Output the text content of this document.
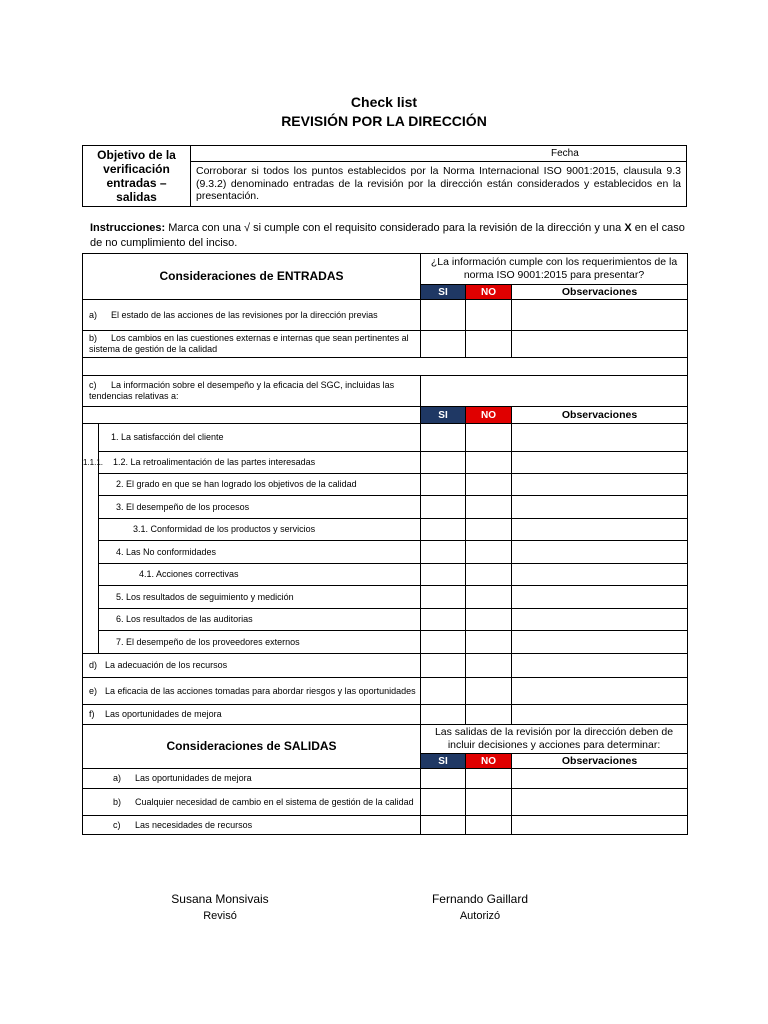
Check list
REVISIÓN POR LA DIRECCIÓN
Objetivo de la verificación entradas – salidas	Fecha
Corroborar si todos los puntos establecidos por la Norma Internacional ISO 9001:2015, clausula 9.3 (9.3.2) denominado entradas de la revisión por la dirección están considerados y establecidos en la presentación.
Instrucciones: Marca con una √ si cumple con el requisito considerado para la revisión de la dirección y una X en el caso de no cumplimiento del inciso.
Consideraciones de ENTRADAS		¿La información cumple con los requerimientos de la norma ISO 9001:2015 para presentar?		
		SI	NO	Observaciones
a) El estado de las acciones de las revisiones por la dirección previas				
b) Los cambios en las cuestiones externas e internas que sean pertinentes al sistema de gestión de la calidad				

c) La información sobre el desempeño y la eficacia del SGC, incluidas las tendencias relativas a:				
		SI	NO	Observaciones
	1. La satisfacción del cliente			
1.1.1.	1.2. La retroalimentación de las partes interesadas			
	2. El grado en que se han logrado los objetivos de la calidad			
	3. El desempeño de los procesos			
	3.1. Conformidad de los productos y servicios			
	4. Las No conformidades			
	4.1. Acciones correctivas			
	5. Los resultados de seguimiento y medición			
	6. Los resultados de las auditorias			
	7. El desempeño de los proveedores externos			
d) La adecuación de los recursos				
e) La eficacia de las acciones tomadas para abordar riesgos y las oportunidades				
f) Las oportunidades de mejora				
Consideraciones de SALIDAS		Las salidas de la revisión por la dirección deben de incluir decisiones y acciones para determinar:		
		SI	NO	Observaciones
a) Las oportunidades de mejora				

b) Cualquier necesidad de cambio en el sistema de gestión de la calidad				

c) Las necesidades de recursos				
Susana Monsivais
Revisó
Fernando Gaillard
Autorizó
